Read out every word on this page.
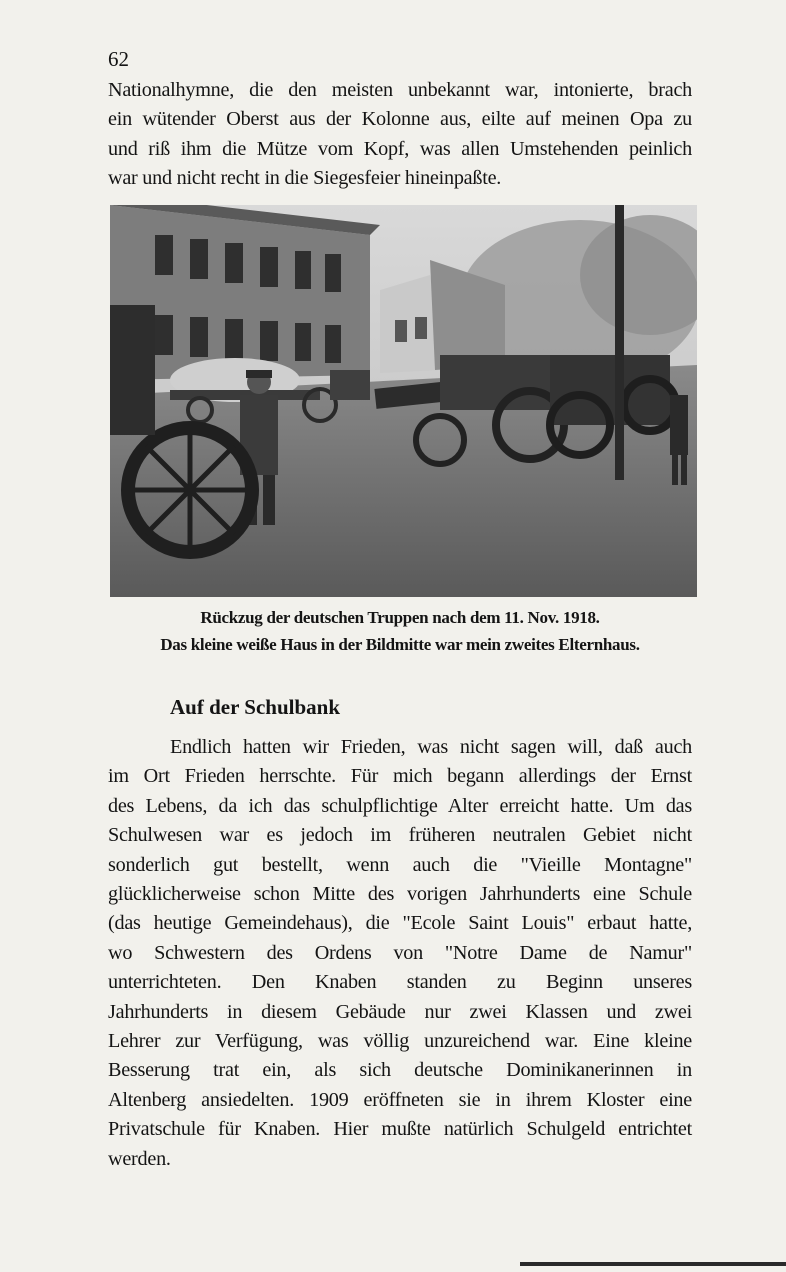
62
Nationalhymne, die den meisten unbekannt war, intonierte, brach
ein wütender Oberst aus der Kolonne aus, eilte auf meinen Opa zu
und riß ihm die Mütze vom Kopf, was allen Umstehenden peinlich
war und nicht recht in die Siegesfeier hineinpaßte.
Rückzug der deutschen Truppen nach dem 11. Nov. 1918.
Das kleine weiße Haus in der Bildmitte war mein zweites Elternhaus.
Auf der Schulbank
Endlich hatten wir Frieden, was nicht sagen will, daß auch
im Ort Frieden herrschte. Für mich begann allerdings der Ernst
des Lebens, da ich das schulpflichtige Alter erreicht hatte. Um das
Schulwesen war es jedoch im früheren neutralen Gebiet nicht
sonderlich gut bestellt, wenn auch die "Vieille Montagne"
glücklicherweise schon Mitte des vorigen Jahrhunderts eine Schule
(das heutige Gemeindehaus), die "Ecole Saint Louis" erbaut hatte,
wo Schwestern des Ordens von "Notre Dame de Namur"
unterrichteten. Den Knaben standen zu Beginn unseres
Jahrhunderts in diesem Gebäude nur zwei Klassen und zwei
Lehrer zur Verfügung, was völlig unzureichend war. Eine kleine
Besserung trat ein, als sich deutsche Dominikanerinnen in
Altenberg ansiedelten. 1909 eröffneten sie in ihrem Kloster eine
Privatschule für Knaben. Hier mußte natürlich Schulgeld entrichtet
werden.
